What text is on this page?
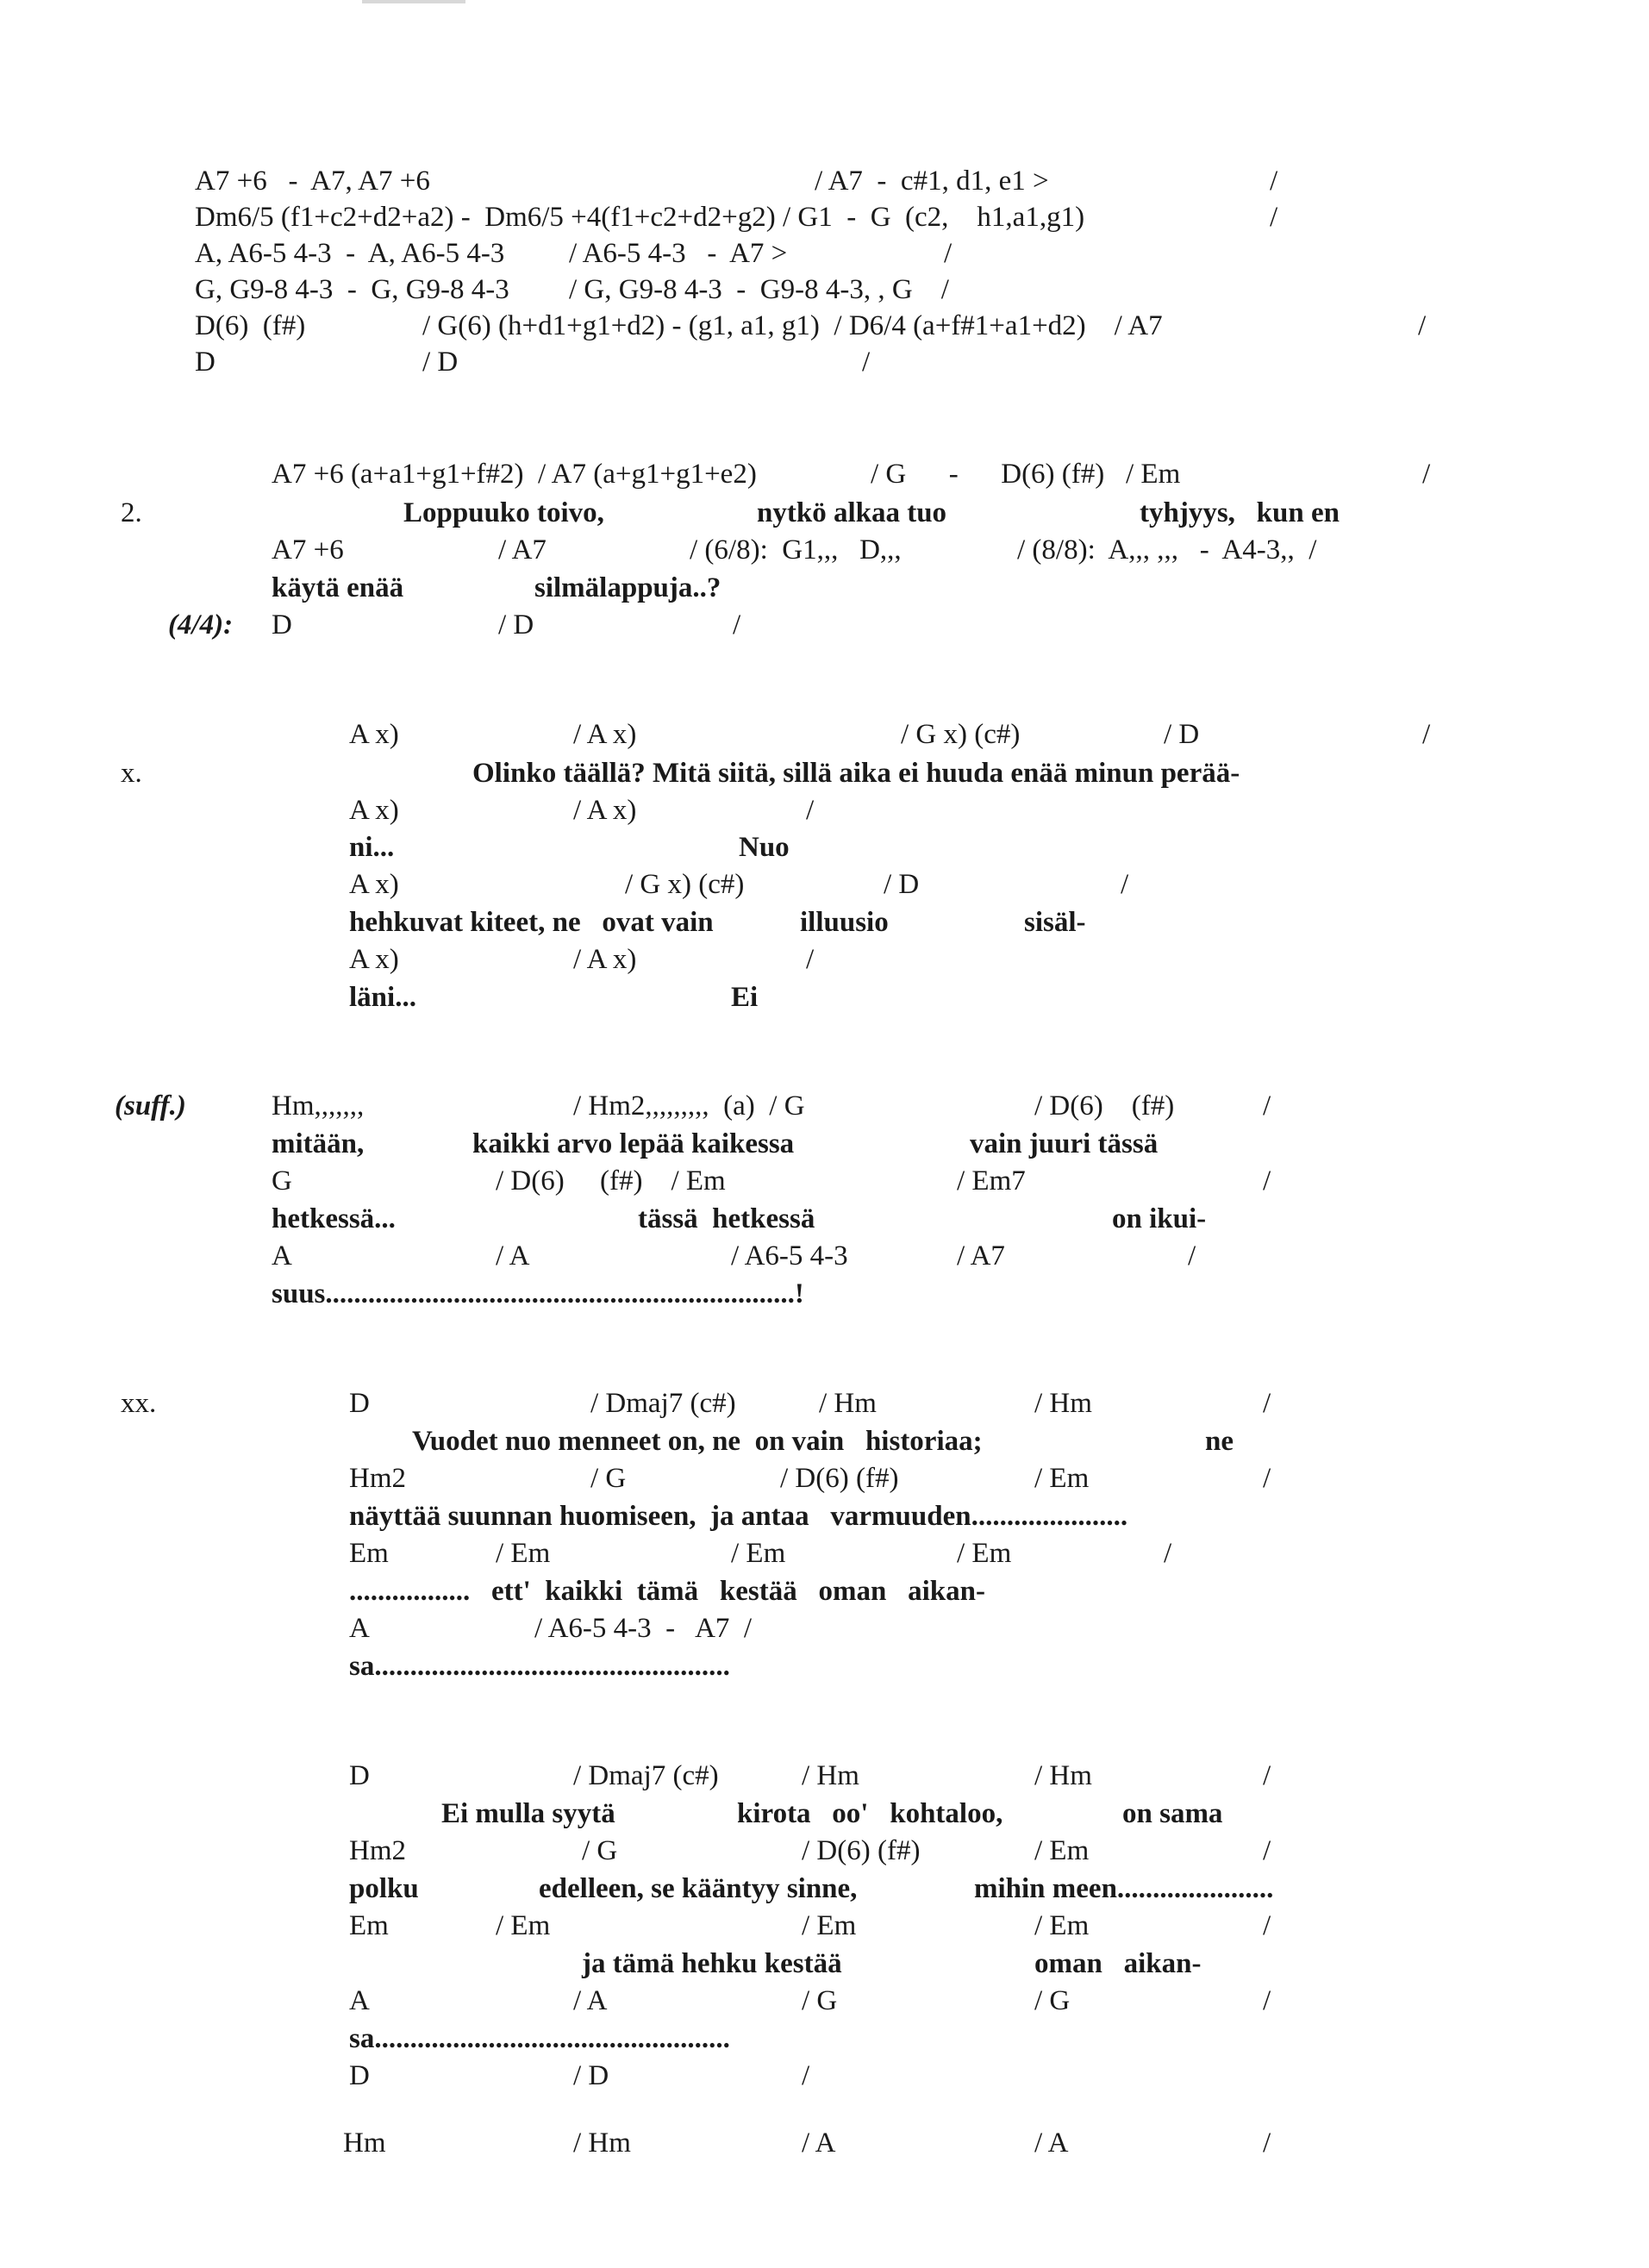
A7 +6   -  A7, A7 +6	/ A7  -  c#1, d1, e1 >	/
Dm6/5 (f1+c2+d2+a2) -  Dm6/5 +4(f1+c2+d2+g2) / G1  -  G  (c2,    h1,a1,g1)	/
A, A6-5 4-3  -  A, A6-5 4-3 / A6-5 4-3   -  A7 >	/
G, G9-8 4-3  -  G, G9-8 4-3 / G, G9-8 4-3  -  G9-8 4-3, , G    /
D(6)  (f#)	/ G(6) (h+d1+g1+d2) - (g1, a1, g1)  / D6/4 (a+f#1+a1+d2)    / A7	/
D	/ D	/
A7 +6 (a+a1+g1+f#2)  / A7 (a+g1+g1+e2)	/ G      -      D(6) (f#)   / Em	/
2.	Loppuuko toivo,	nytkö alkaa tuo	tyhjyys,   kun en
A7 +6	/ A7	/ (6/8):  G1,,,   D,,,	/ (8/8):  A,,, ,,,   -  A4-3,,  /
käytä enää	silmälappuja..?
(4/4): D	/ D	/
A x)	/ A x)	/ G x) (c#)	/ D	/
x.	Olinko täällä? Mitä siitä, sillä aika ei huuda enää minun perää-
A x)	/ A x)	/
ni...	Nuo
A x)	/ G x) (c#)	/ D	/
hehkuvat kiteet, ne   ovat vain	illuusio	sisäl-
A x)	/ A x)	/
läni...	Ei
(suff.)	Hm,,,,,,,	/ Hm2,,,,,,,,,  (a)  / G	/ D(6)    (f#)	/
mitään,	kaikki arvo lepää kaikessa	vain juuri tässä
G	/ D(6)     (f#)    / Em	/ Em7	/
hetkessä...	tässä  hetkessä	on ikui-
A	/ A	/ A6-5 4-3	/ A7	/
suus..................................................................!
xx.	D	/ Dmaj7 (c#)	/ Hm	/ Hm	/
Vuodet nuo menneet on, ne  on vain   historiaa;	ne
Hm2	/ G	/ D(6) (f#)	/ Em	/
näyttää suunnan huomiseen,  ja antaa   varmuuden......................
Em	/ Em	/ Em	/ Em	/
.................   ett'  kaikki  tämä   kestää   oman   aikan-
A	/ A6-5 4-3  -   A7  /
sa..................................................
D	/ Dmaj7 (c#)	/ Hm	/ Hm	/
Ei mulla syytä	kirota   oo'   kohtaloo,	on sama
Hm2	/ G	/ D(6) (f#)	/ Em	/
polku	edelleen, se kääntyy sinne,	mihin meen......................
Em	/ Em	/ Em	/ Em	/
ja tämä hehku kestää	oman   aikan-
A	/ A	/ G	/ G	/
sa..................................................
D	/ D	/
Hm	/ Hm	/ A	/ A	/
